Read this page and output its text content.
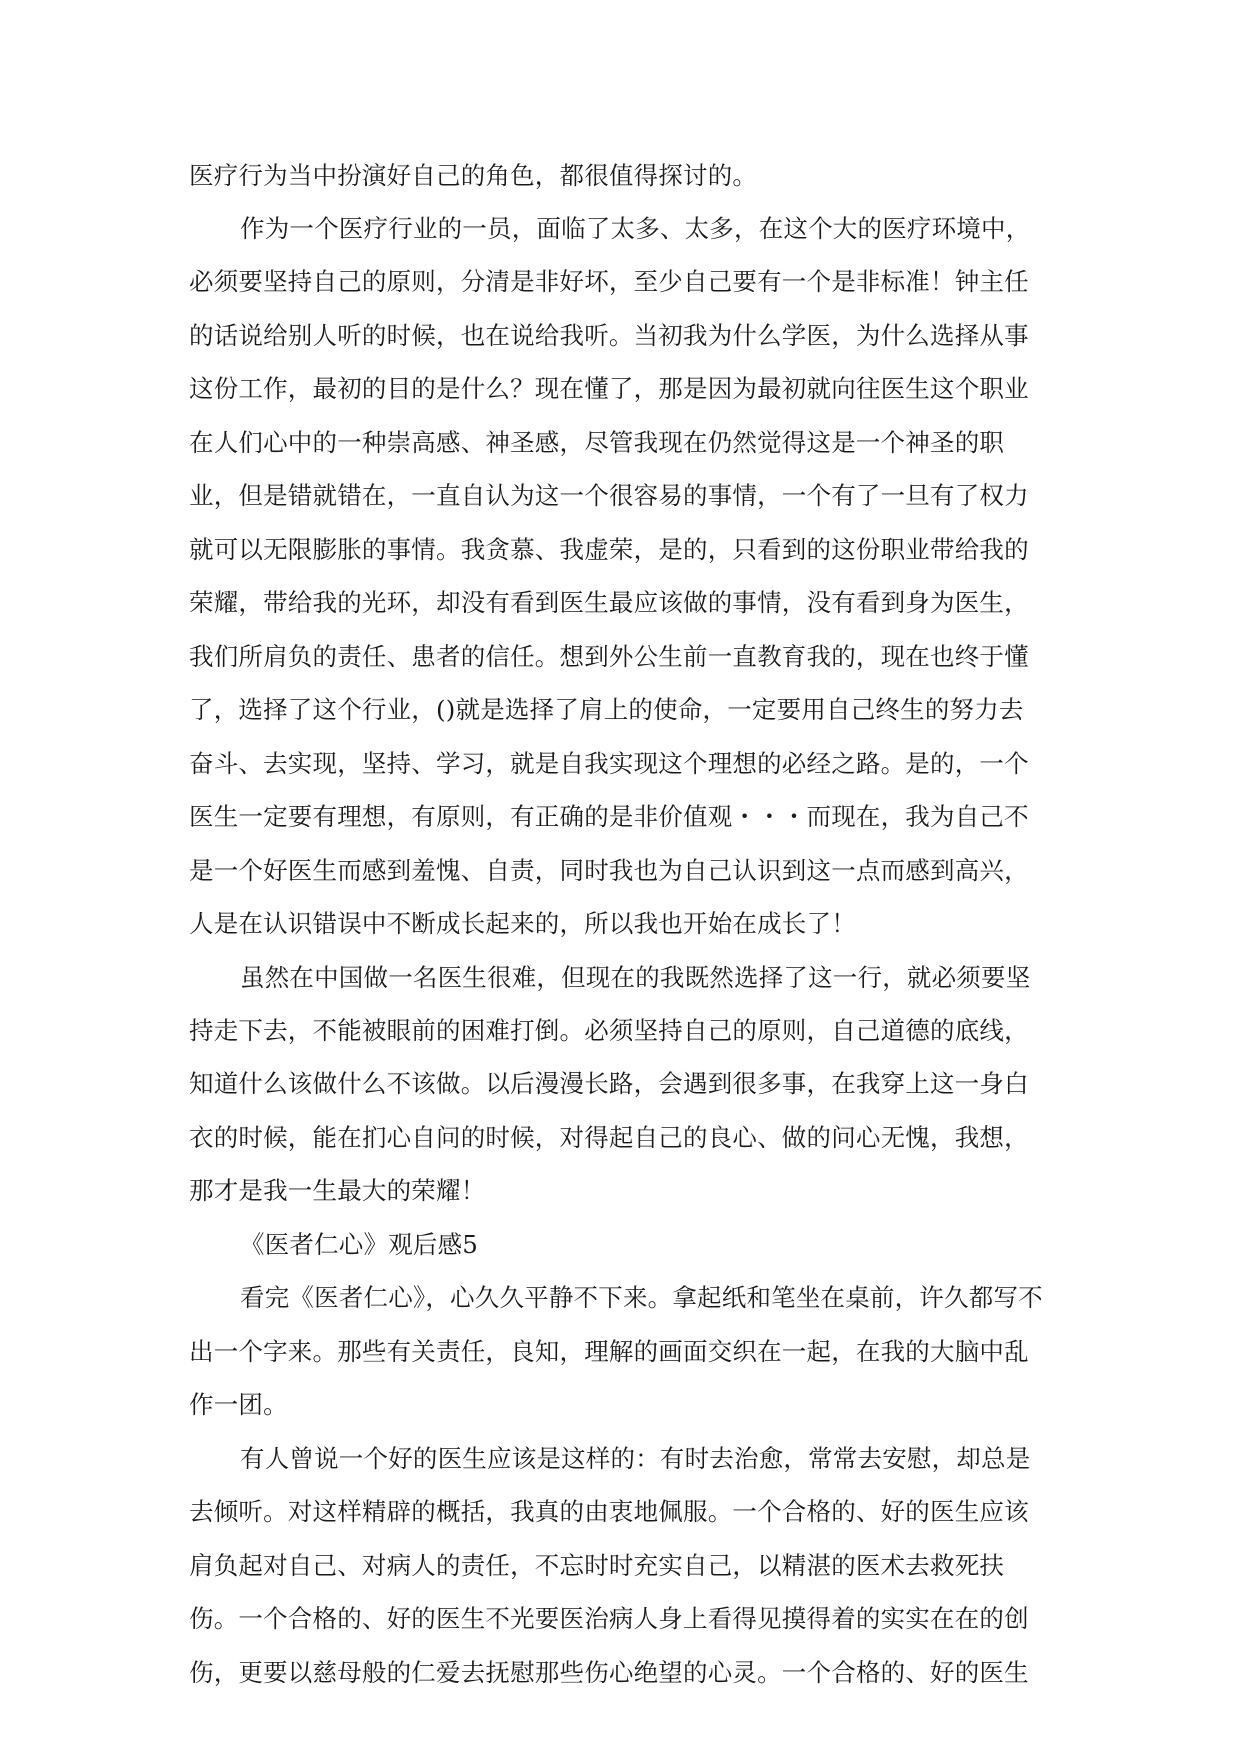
医疗行为当中扮演好自己的角色，都很值得探讨的。
作为一个医疗行业的一员，面临了太多、太多，在这个大的医疗环境中，
必须要坚持自己的原则，分清是非好坏，至少自己要有一个是非标准！钟主任
的话说给别人听的时候，也在说给我听。当初我为什么学医，为什么选择从事
这份工作，最初的目的是什么？现在懂了，那是因为最初就向往医生这个职业
在人们心中的一种崇高感、神圣感，尽管我现在仍然觉得这是一个神圣的职
业，但是错就错在，一直自认为这一个很容易的事情，一个有了一旦有了权力
就可以无限膨胀的事情。我贪慕、我虚荣，是的，只看到的这份职业带给我的
荣耀，带给我的光环，却没有看到医生最应该做的事情，没有看到身为医生，
我们所肩负的责任、患者的信任。想到外公生前一直教育我的，现在也终于懂
了，选择了这个行业，()就是选择了肩上的使命，一定要用自己终生的努力去
奋斗、去实现，坚持、学习，就是自我实现这个理想的必经之路。是的，一个
医生一定要有理想，有原则，有正确的是非价值观・・・而现在，我为自己不
是一个好医生而感到羞愧、自责，同时我也为自己认识到这一点而感到高兴，
人是在认识错误中不断成长起来的，所以我也开始在成长了！
虽然在中国做一名医生很难，但现在的我既然选择了这一行，就必须要坚
持走下去，不能被眼前的困难打倒。必须坚持自己的原则，自己道德的底线，
知道什么该做什么不该做。以后漫漫长路，会遇到很多事，在我穿上这一身白
衣的时候，能在扪心自问的时候，对得起自己的良心、做的问心无愧，我想，
那才是我一生最大的荣耀！
《医者仁心》观后感5
看完《医者仁心》，心久久平静不下来。拿起纸和笔坐在桌前，许久都写不
出一个字来。那些有关责任，良知，理解的画面交织在一起，在我的大脑中乱
作一团。
有人曾说一个好的医生应该是这样的：有时去治愈，常常去安慰，却总是
去倾听。对这样精辟的概括，我真的由衷地佩服。一个合格的、好的医生应该
肩负起对自己、对病人的责任，不忘时时充实自己，以精湛的医术去救死扶
伤。一个合格的、好的医生不光要医治病人身上看得见摸得着的实实在在的创
伤，更要以慈母般的仁爱去抚慰那些伤心绝望的心灵。一个合格的、好的医生
